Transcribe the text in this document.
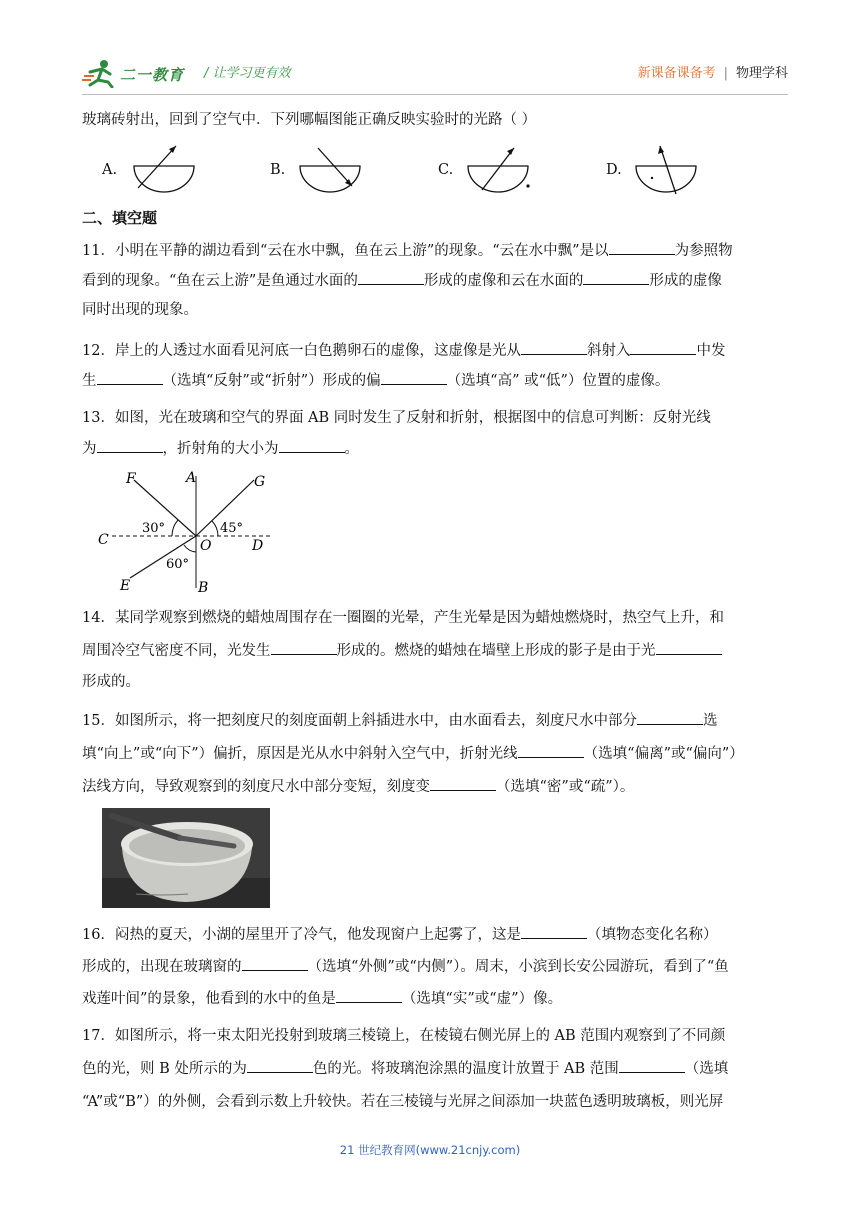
二一教育 / 让学习更有效	新课备课备考 | 物理学科
玻璃砖射出，回到了空气中．下列哪幅图能正确反映实验时的光路（ ）
A.	B.	C.	D.
二、填空题
11．小明在平静的湖边看到“云在水中飘，鱼在云上游”的现象。“云在水中飘”是以	为参照物
看到的现象。“鱼在云上游”是鱼通过水面的	形成的虚像和云在水面的	形成的虚像
同时出现的现象。
12．岸上的人透过水面看见河底一白色鹅卵石的虚像，这虚像是光从	斜射入	中发
生	（选填“反射”或“折射”）形成的偏	（选填“高” 或“低”）位置的虚像。
13．如图，光在玻璃和空气的界面 AB 同时发生了反射和折射，根据图中的信息可判断：反射光线
为	，折射角的大小为	。
F	A	G
C	O	D
E	B
30°	45°
60°
14．某同学观察到燃烧的蜡烛周围存在一圈圈的光晕，产生光晕是因为蜡烛燃烧时，热空气上升，和
周围冷空气密度不同，光发生	形成的。燃烧的蜡烛在墙壁上形成的影子是由于光
形成的。
15．如图所示，将一把刻度尺的刻度面朝上斜插进水中，由水面看去，刻度尺水中部分	选
填“向上”或“向下”）偏折，原因是光从水中斜射入空气中，折射光线	（选填“偏离”或“偏向”）
法线方向，导致观察到的刻度尺水中部分变短，刻度变	（选填“密”或“疏”）。
16．闷热的夏天，小湖的屋里开了冷气，他发现窗户上起雾了，这是	（填物态变化名称）
形成的，出现在玻璃窗的	（选填“外侧”或“内侧”）。周末，小滨到长安公园游玩，看到了“鱼
戏莲叶间”的景象，他看到的水中的鱼是	（选填“实”或“虚”）像。
17．如图所示，将一束太阳光投射到玻璃三棱镜上，在棱镜右侧光屏上的 AB 范围内观察到了不同颜
色的光，则 B 处所示的为	色的光。将玻璃泡涂黑的温度计放置于 AB 范围	（选填
“A”或“B”）的外侧，会看到示数上升较快。若在三棱镜与光屏之间添加一块蓝色透明玻璃板，则光屏
21 世纪教育网(www.21cnjy.com)
